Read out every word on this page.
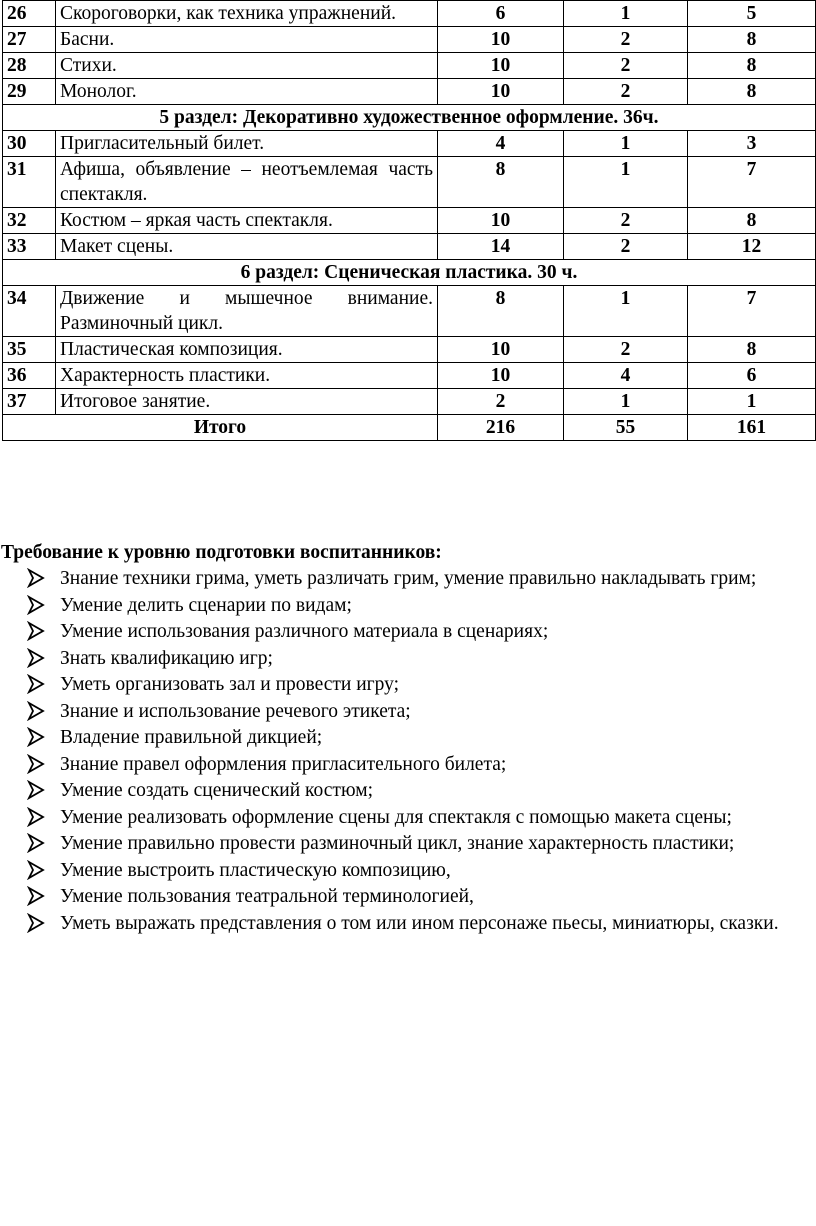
26	Скороговорки, как техника упражнений.	6	1	5
27	Басни.	10	2	8
28	Стихи.	10	2	8
29	Монолог.	10	2	8
5 раздел: Декоративно художественное оформление. 36ч.				
30	Пригласительный билет.	4	1	3
31	Афиша, объявление – неотъемлемая часть спектакля.	8	1	7
32	Костюм – яркая часть спектакля.	10	2	8
33	Макет сцены.	14	2	12
6 раздел: Сценическая пластика. 30 ч.				
34	Движение и мышечное внимание. Разминочный цикл.	8	1	7
35	Пластическая композиция.	10	2	8
36	Характерность пластики.	10	4	6
37	Итоговое занятие.	2	1	1
Итого		216	55	161

Требование к уровню подготовки воспитанников:

Знание техники грима, уметь различать грим, умение правильно накладывать грим;
Умение делить сценарии по видам;
Умение использования различного материала в сценариях;
Знать квалификацию игр;
Уметь организовать зал и провести игру;
Знание и использование речевого этикета;
Владение правильной дикцией;
Знание правел оформления пригласительного билета;
Умение создать сценический костюм;
Умение реализовать оформление сцены для спектакля с помощью макета сцены;
Умение правильно провести разминочный цикл, знание характерность пластики;
Умение выстроить пластическую композицию,
Умение пользования театральной терминологией,
Уметь выражать представления о том или ином персонаже пьесы, миниатюры, сказки.
